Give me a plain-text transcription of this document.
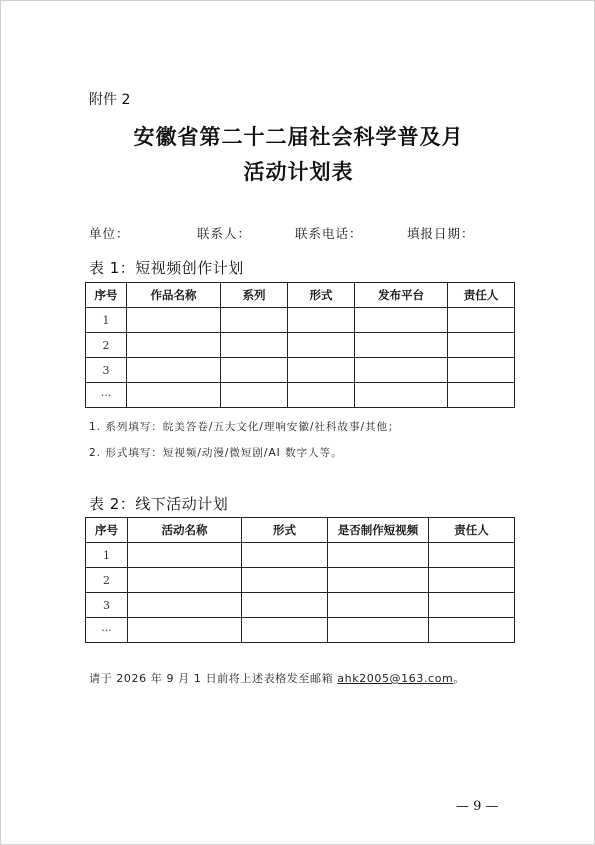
附件 2
安徽省第二十二届社会科学普及月
活动计划表
单位：	联系人：	联系电话：	填报日期：
表 1：短视频创作计划
序号	作品名称	系列	形式	发布平台	责任人
1					
2					
3					
···					
1. 系列填写：皖美答卷/五大文化/理响安徽/社科故事/其他；
2. 形式填写：短视频/动漫/微短剧/AI 数字人等。
表 2：线下活动计划
序号	活动名称	形式	是否制作短视频	责任人
1				
2				
3				
···				
请于 2026 年 9 月 1 日前将上述表格发至邮箱 ahk2005@163.com。
— 9 —
